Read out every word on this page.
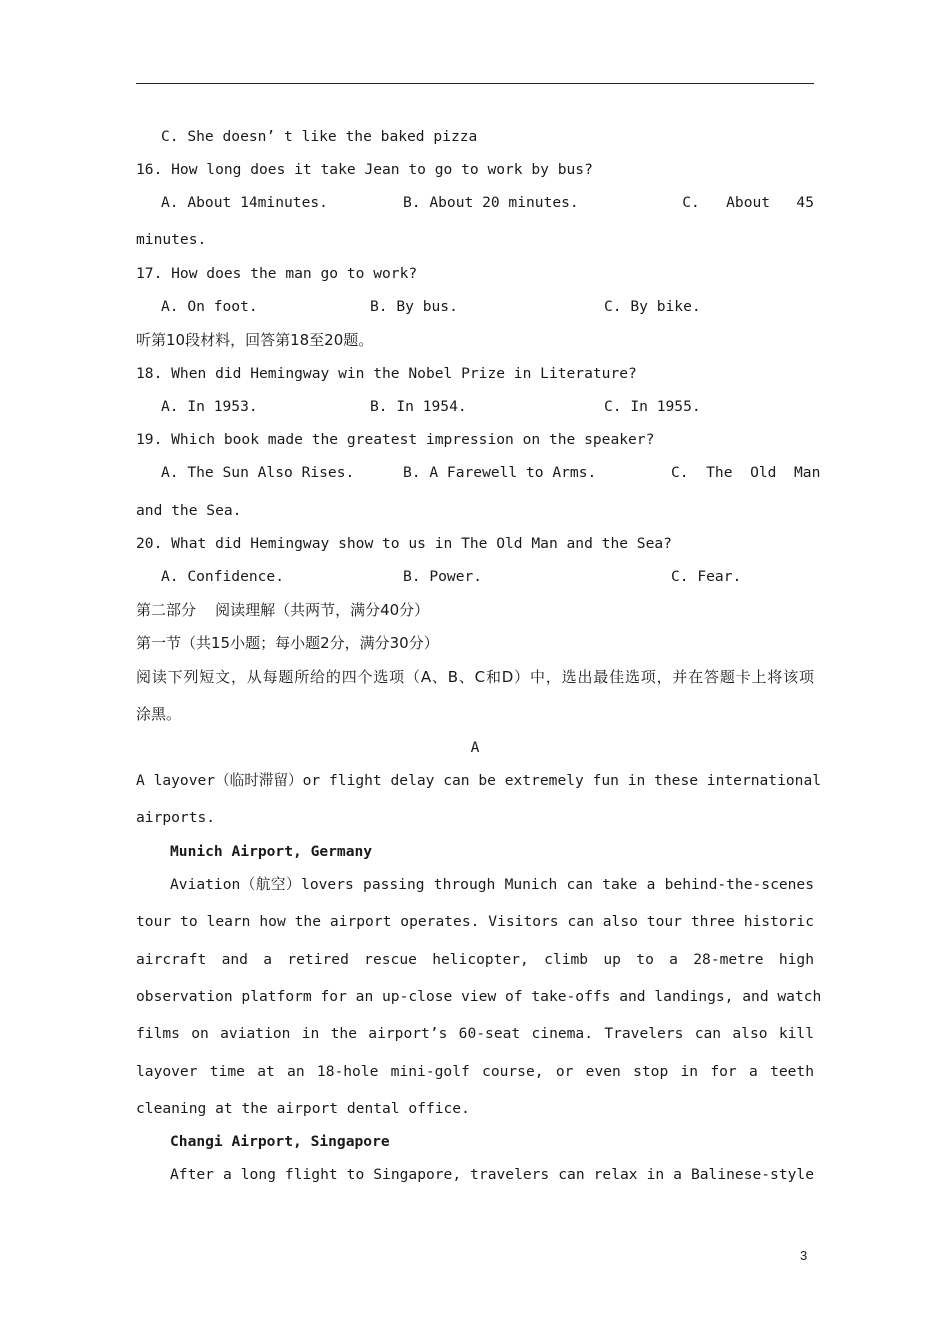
C. She doesn’ t like the baked pizza
16. How long does it take Jean to go to work by bus?
A. About 14minutes.	B. About 20 minutes.	C.   About   45
minutes.
17. How does the man go to work?
A. On foot.	B. By bus.	C. By bike.
听第10段材料，回答第18至20题。
18. When did Hemingway win the Nobel Prize in Literature?
A. In 1953.	B. In 1954.	C. In 1955.
19. Which book made the greatest impression on the speaker?
A. The Sun Also Rises.	B. A Farewell to Arms.	C.  The  Old  Man
and the Sea.
20. What did Hemingway show to us in The Old Man and the Sea?
A. Confidence.	B. Power.	C. Fear.
第二部分    阅读理解（共两节，满分40分）
第一节（共15小题；每小题2分，满分30分）
阅读下列短文，从每题所给的四个选项（A、B、C和D）中，选出最佳选项，并在答题卡上将该项
涂黑。
A
A layover（临时滞留）or flight delay can be extremely fun in these international
airports.
Munich Airport, Germany
Aviation（航空）lovers passing through Munich can take a behind-the-scenes
tour to learn how the airport operates. Visitors can also tour three historic
aircraft and a retired rescue helicopter, climb up to a 28-metre high
observation platform for an up-close view of take-offs and landings, and watch
films on aviation in the airport’s 60-seat cinema. Travelers can also kill
layover time at an 18-hole mini-golf course, or even stop in for a teeth
cleaning at the airport dental office.
Changi Airport, Singapore
After a long flight to Singapore, travelers can relax in a Balinese-style
3
